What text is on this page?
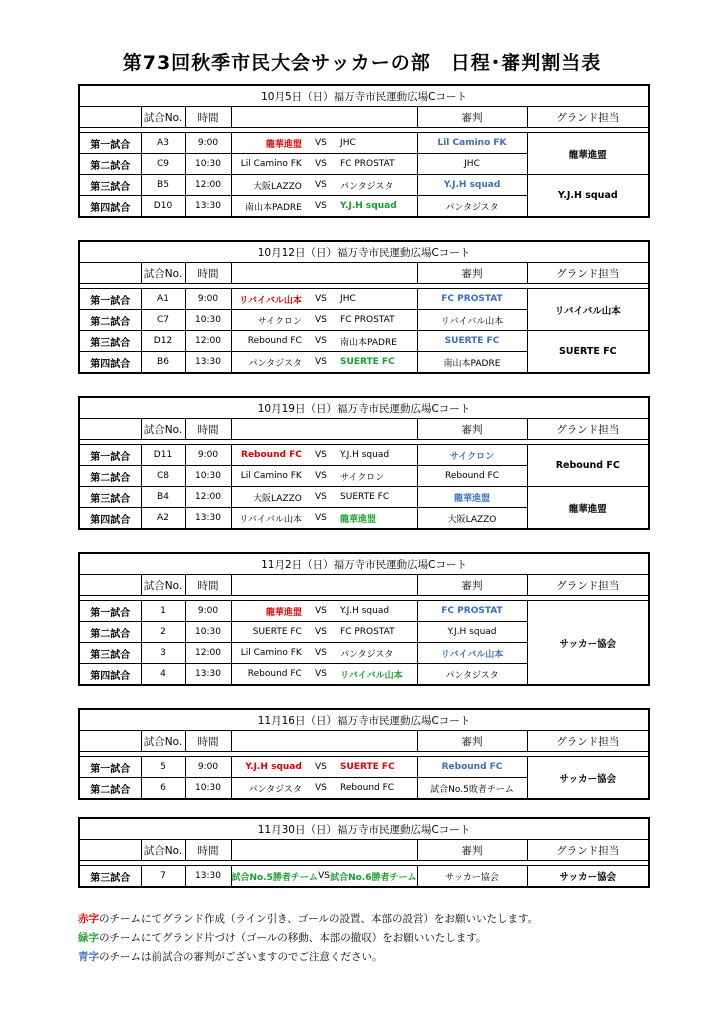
第73回秋季市民大会サッカーの部　日程･審判割当表
10月5日（日）福万寺市民運動広場Cコート					
	試合No.	時間		審判	グランド担当

第一試合	A3	9:00	龍華進盟 VS JHC	Lil Camino FK	龍華進盟
第二試合	C9	10:30	Lil Camino FK VS FC PROSTAT	JHC	
第三試合	B5	12:00	大阪LAZZO VS パンタジスタ	Y.J.H squad	Y.J.H squad
第四試合	D10	13:30	南山本PADRE VS Y.J.H squad	パンタジスタ	
10月12日（日）福万寺市民運動広場Cコート					
	試合No.	時間		審判	グランド担当

第一試合	A1	9:00	リバイバル山本 VS JHC	FC PROSTAT	リバイバル山本
第二試合	C7	10:30	サイクロン VS FC PROSTAT	リバイバル山本	
第三試合	D12	12:00	Rebound FC VS 南山本PADRE	SUERTE FC	SUERTE FC
第四試合	B6	13:30	パンタジスタ VS SUERTE FC	南山本PADRE	
10月19日（日）福万寺市民運動広場Cコート					
	試合No.	時間		審判	グランド担当

第一試合	D11	9:00	Rebound FC VS Y.J.H squad	サイクロン	Rebound FC
第二試合	C8	10:30	Lil Camino FK VS サイクロン	Rebound FC	
第三試合	B4	12:00	大阪LAZZO VS SUERTE FC	龍華進盟	龍華進盟
第四試合	A2	13:30	リバイバル山本 VS 龍華進盟	大阪LAZZO	
11月2日（日）福万寺市民運動広場Cコート					
	試合No.	時間		審判	グランド担当

第一試合	1	9:00	龍華進盟 VS Y.J.H squad	FC PROSTAT	サッカー協会
第二試合	2	10:30	SUERTE FC VS FC PROSTAT	Y.J.H squad	
第三試合	3	12:00	Lil Camino FK VS パンタジスタ	リバイバル山本	
第四試合	4	13:30	Rebound FC VS リバイバル山本	パンタジスタ	
11月16日（日）福万寺市民運動広場Cコート					
	試合No.	時間		審判	グランド担当

第一試合	5	9:00	Y.J.H squad VS SUERTE FC	Rebound FC	サッカー協会
第二試合	6	10:30	パンタジスタ VS Rebound FC	試合No.5敗者チーム	
11月30日（日）福万寺市民運動広場Cコート					
	試合No.	時間		審判	グランド担当

第三試合	7	13:30	試合No.5勝者チーム VS 試合No.6勝者チーム	サッカー協会	サッカー協会
赤字のチームにてグランド作成（ライン引き、ゴールの設置、本部の設営）をお願いいたします。
緑字のチームにてグランド片づけ（ゴールの移動、本部の撤収）をお願いいたします。
青字のチームは前試合の審判がございますのでご注意ください。
